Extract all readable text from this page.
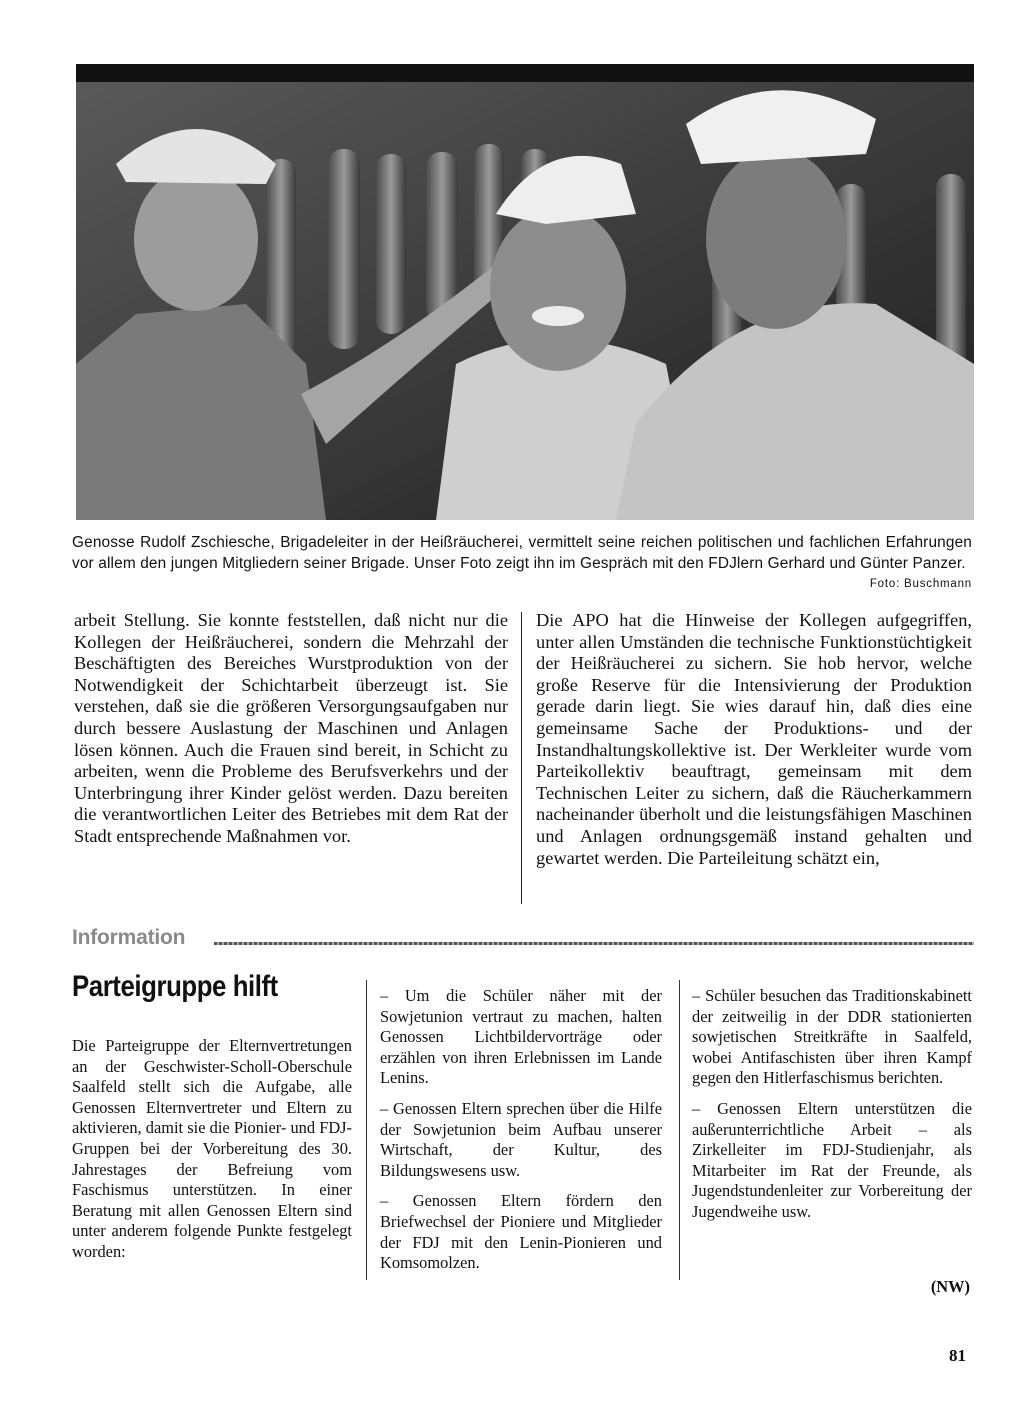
Genosse Rudolf Zschiesche, Brigadeleiter in der Heißräucherei, vermittelt seine reichen politischen und fachlichen Erfahrungen vor allem den jungen Mitgliedern seiner Brigade. Unser Foto zeigt ihn im Gespräch mit den FDJlern Gerhard und Günter Panzer.
Foto: Buschmann

arbeit Stellung. Sie konnte feststellen, daß nicht nur die Kollegen der Heißräucherei, sondern die Mehrzahl der Beschäftigten des Bereiches Wurstproduktion von der Notwendigkeit der Schichtarbeit überzeugt ist. Sie verstehen, daß sie die größeren Versorgungsaufgaben nur durch bessere Auslastung der Maschinen und Anlagen lösen können. Auch die Frauen sind bereit, in Schicht zu arbeiten, wenn die Probleme des Berufsverkehrs und der Unterbringung ihrer Kinder gelöst werden. Dazu bereiten die verantwortlichen Leiter des Betriebes mit dem Rat der Stadt entsprechende Maßnahmen vor.

Die APO hat die Hinweise der Kollegen aufgegriffen, unter allen Umständen die technische Funktionstüchtigkeit der Heißräucherei zu sichern. Sie hob hervor, welche große Reserve für die Intensivierung der Produktion gerade darin liegt. Sie wies darauf hin, daß dies eine gemeinsame Sache der Produktions- und der Instandhaltungskollektive ist. Der Werkleiter wurde vom Parteikollektiv beauftragt, gemeinsam mit dem Technischen Leiter zu sichern, daß die Räucherkammern nacheinander überholt und die leistungsfähigen Maschinen und Anlagen ordnungsgemäß instand gehalten und gewartet werden. Die Parteileitung schätzt ein,

Information
Parteigruppe hilft

Die Parteigruppe der Elternvertretungen an der Geschwister-Scholl-Oberschule Saalfeld stellt sich die Aufgabe, alle Genossen Elternvertreter und Eltern zu aktivieren, damit sie die Pionier- und FDJ-Gruppen bei der Vorbereitung des 30. Jahrestages der Befreiung vom Faschismus unterstützen. In einer Beratung mit allen Genossen Eltern sind unter anderem folgende Punkte festgelegt worden:

– Um die Schüler näher mit der Sowjetunion vertraut zu machen, halten Genossen Lichtbildervorträge oder erzählen von ihren Erlebnissen im Lande Lenins.

– Genossen Eltern sprechen über die Hilfe der Sowjetunion beim Aufbau unserer Wirtschaft, der Kultur, des Bildungswesens usw.

– Genossen Eltern fördern den Briefwechsel der Pioniere und Mitglieder der FDJ mit den Lenin-Pionieren und Komsomolzen.

– Schüler besuchen das Traditionskabinett der zeitweilig in der DDR stationierten sowjetischen Streitkräfte in Saalfeld, wobei Antifaschisten über ihren Kampf gegen den Hitlerfaschismus berichten.

– Genossen Eltern unterstützen die außerunterrichtliche Arbeit – als Zirkelleiter im FDJ-Studienjahr, als Mitarbeiter im Rat der Freunde, als Jugendstundenleiter zur Vorbereitung der Jugendweihe usw.

(NW)
81
